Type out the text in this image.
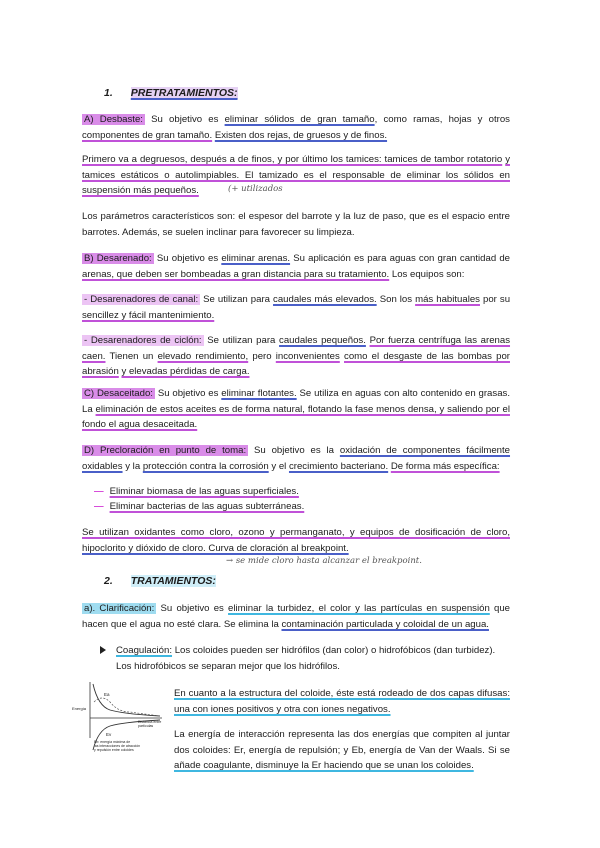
1. PRETRATAMIENTOS:
A) Desbaste: Su objetivo es eliminar sólidos de gran tamaño, como ramas, hojas y otros componentes de gran tamaño. Existen dos rejas, de gruesos y de finos.
Primero va a degruesos, después a de finos, y por último los tamices: tamices de tambor rotatorio y tamices estáticos o autolimpiables. El tamizado es el responsable de eliminar los sólidos en suspensión más pequeños.	(+ utilizados
Los parámetros característicos son: el espesor del barrote y la luz de paso, que es el espacio entre barrotes. Además, se suelen inclinar para favorecer su limpieza.
B) Desarenado: Su objetivo es eliminar arenas. Su aplicación es para aguas con gran cantidad de arenas, que deben ser bombeadas a gran distancia para su tratamiento. Los equipos son:
- Desarenadores de canal: Se utilizan para caudales más elevados. Son los más habituales por su sencillez y fácil mantenimiento.
- Desarenadores de ciclón: Se utilizan para caudales pequeños. Por fuerza centrífuga las arenas caen. Tienen un elevado rendimiento, pero inconvenientes como el desgaste de las bombas por abrasión y elevadas pérdidas de carga.
C) Desaceitado: Su objetivo es eliminar flotantes. Se utiliza en aguas con alto contenido en grasas. La eliminación de estos aceites es de forma natural, flotando la fase menos densa, y saliendo por el fondo el agua desaceitada.
D) Precloración en punto de toma: Su objetivo es la oxidación de componentes fácilmente oxidables y la protección contra la corrosión y el crecimiento bacteriano. De forma más específica:
— Eliminar biomasa de las aguas superficiales.
— Eliminar bacterias de las aguas subterráneas.
Se utilizan oxidantes como cloro, ozono y permanganato, y equipos de dosificación de cloro, hipoclorito y dióxido de cloro. Curva de cloración al breakpoint.
→ se mide cloro hasta alcanzar el breakpoint.
2. TRATAMIENTOS:
a). Clarificación: Su objetivo es eliminar la turbidez, el color y las partículas en suspensión que hacen que el agua no esté clara. Se elimina la contaminación particulada y coloidal de un agua.
Coagulación: Los coloides pueden ser hidrófilos (dan color) o hidrofóbicos (dan turbidez).
Los hidrofóbicos se separan mejor que los hidrófilos.
Ea
Energía
Distancia entre partículas
Ev
Eb: energía máxima de
las interacciones de atracción
y repulsión entre coloides
En cuanto a la estructura del coloide, éste está rodeado de dos capas difusas: una con iones positivos y otra con iones negativos.
La energía de interacción representa las dos energías que compiten al juntar dos coloides: Er, energía de repulsión; y Eb, energía de Van der Waals. Si se añade coagulante, disminuye la Er haciendo que se unan los coloides.
